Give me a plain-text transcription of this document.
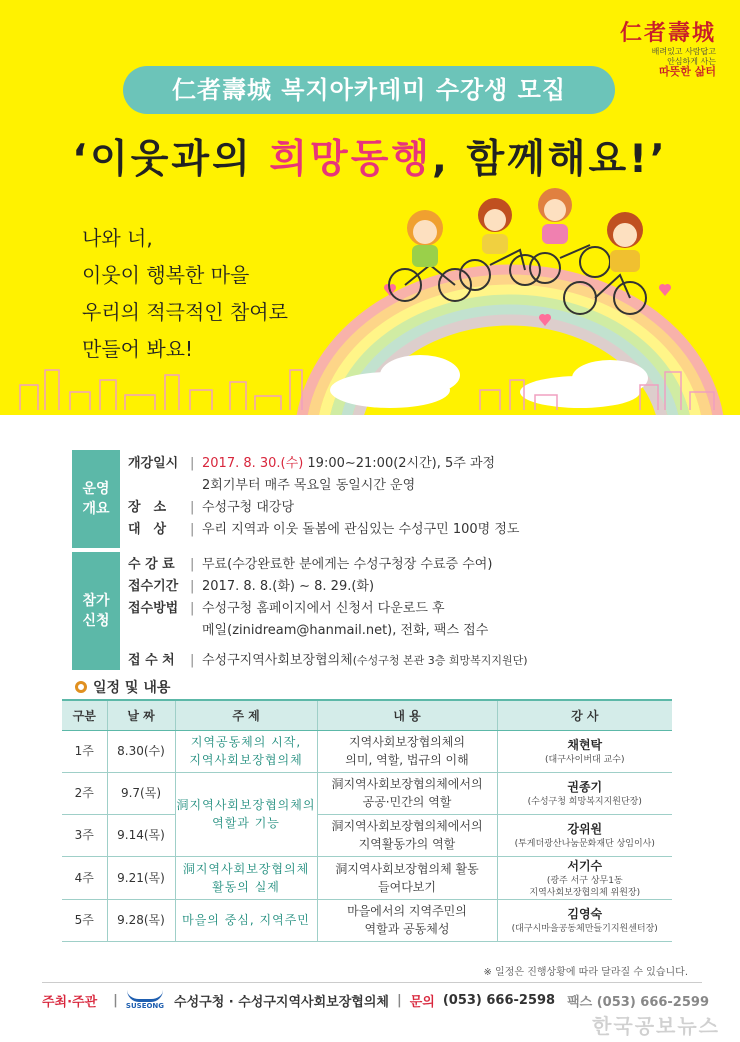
仁者壽城
배려있고 사람답고
안심하게 사는
따뜻한 삶터
仁者壽城 복지아카데미 수강생 모집
‘이웃과의 희망동행, 함께해요!’
나와 너,
이웃이 행복한 마을
우리의 적극적인 참여로
만들어 봐요!
운영
개요
개강일시 | 2017. 8. 30.(수) 19:00∼21:00(2시간), 5주 과정
2회기부터 매주 목요일 동일시간 운영
장　소	| 수성구청 대강당
대　상	| 우리 지역과 이웃 돌봄에 관심있는 수성구민 100명 정도
참가
신청
수 강 료	| 무료(수강완료한 분에게는 수성구청장 수료증 수여)
접수기간 | 2017. 8. 8.(화) ∼ 8. 29.(화)
접수방법 | 수성구청 홈페이지에서 신청서 다운로드 후
메일(zinidream@hanmail.net), 전화, 팩스 접수
접 수 처	| 수성구지역사회보장협의체(수성구청 본관 3층 희망복지지원단)
일정 및 내용
구분	날 짜	주 제	내 용	강 사
1주	8.30(수)	지역공동체의 시작,
지역사회보장협의체	지역사회보장협의체의
의미, 역할, 법규의 이해	채현탁
(대구사이버대 교수)

2주	9.7(목)	洞지역사회보장협의체의
역할과 기능	洞지역사회보장협의체에서의
공공·민간의 역할	권종기
(수성구청 희망복지지원단장)

3주	9.14(목)		洞지역사회보장협의체에서의
지역활동가의 역할	강위원
(투게더광산나눔문화재단 상임이사)

4주	9.21(목)	洞지역사회보장협의체
활동의 실제	洞지역사회보장협의체 활동
들여다보기	서기수
(광주 서구 상무1동
지역사회보장협의체 위원장)

5주	9.28(목)	마을의 중심, 지역주민	마을에서의 지역주민의
역할과 공동체성	김영숙
(대구시마을공동체만들기지원센터장)
※ 일정은 진행상황에 따라 달라질 수 있습니다.
주최·주관 | SUSEONG 수성구청 · 수성구지역사회보장협의체 | 문의 (053) 666-2598 팩스 (053) 666-2599
한국공보뉴스
